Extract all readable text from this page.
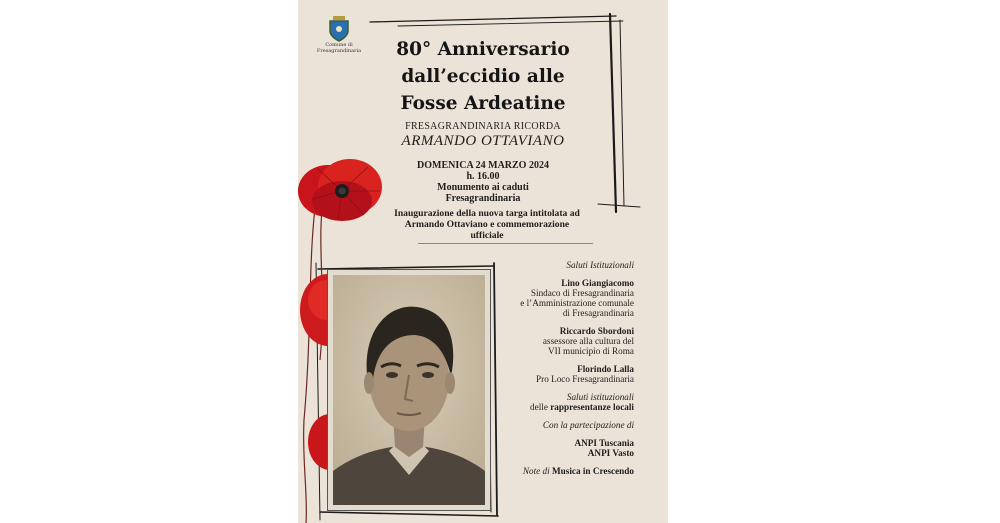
Comune di
Fresagrandinaria	80° Anniversario
dall’eccidio alle
Fosse Ardeatine
FRESAGRANDINARIA RICORDA
ARMANDO OTTAVIANO
DOMENICA 24 MARZO 2024
h. 16.00
Monumento ai caduti
Fresagrandinaria
Inaugurazione della nuova targa intitolata ad
Armando Ottaviano e commemorazione
ufficiale
Saluti Istituzionali
Lino Giangiacomo
Sindaco di Fresagrandinaria
e l’Amministrazione comunale
di Fresagrandinaria
Riccardo Sbordoni
assessore alla cultura del
VII municipio di Roma
Florindo Lalla
Pro Loco Fresagrandinaria
Saluti istituzionali
delle rappresentanze locali
Con la partecipazione di
ANPI Tuscania
ANPI Vasto
Note di Musica in Crescendo
